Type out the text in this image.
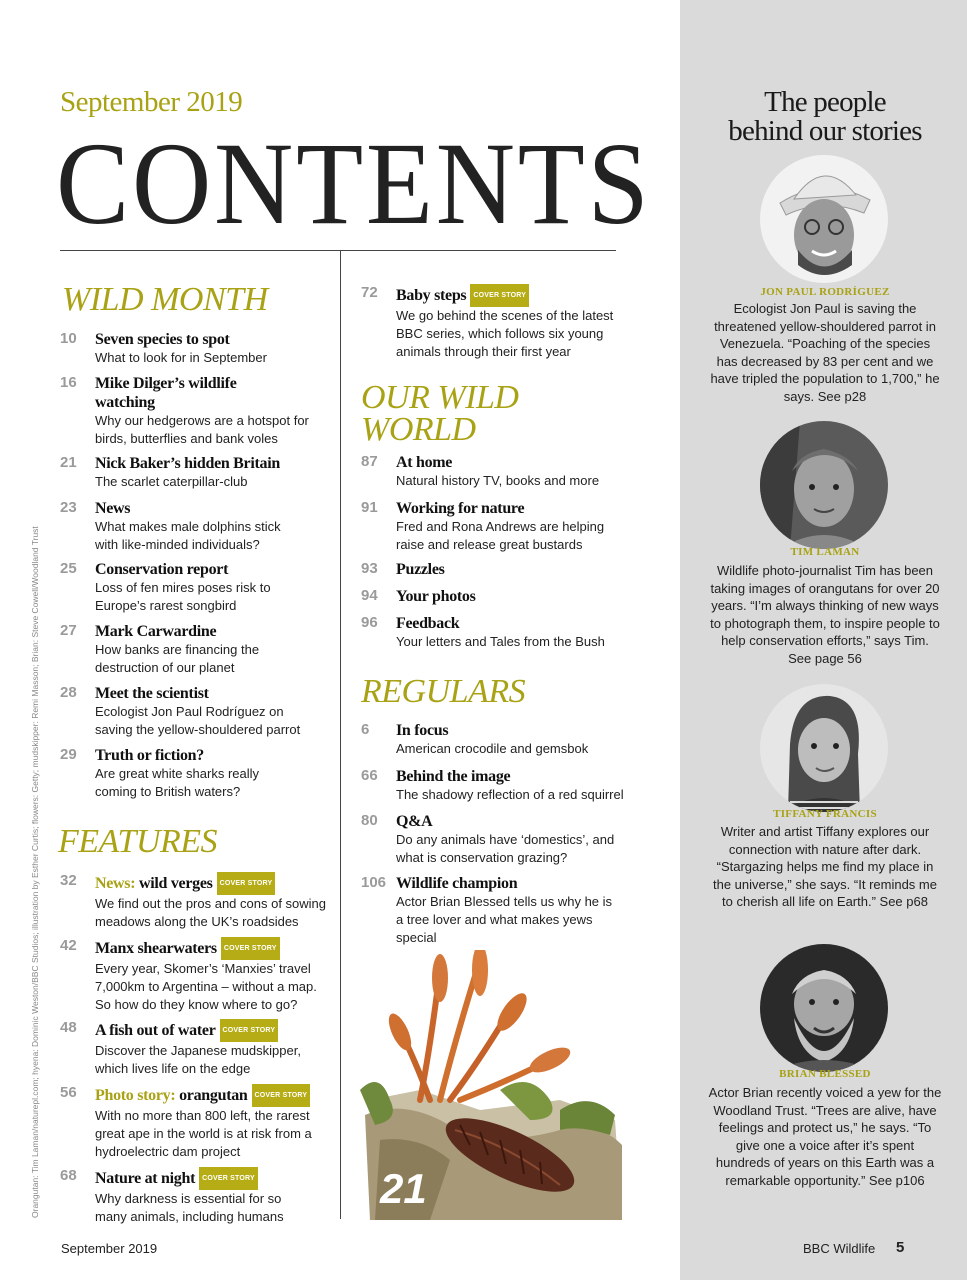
September 2019
CONTENTS
WILD MONTH
10	Seven species to spot
What to look for in September
16	Mike Dilger’s wildlife watching
Why our hedgerows are a hotspot for birds, butterflies and bank voles
21	Nick Baker’s hidden Britain
The scarlet caterpillar-club
23	News
What makes male dolphins stick with like-minded individuals?
25	Conservation report
Loss of fen mires poses risk to Europe’s rarest songbird
27	Mark Carwardine
How banks are financing the destruction of our planet
28	Meet the scientist
Ecologist Jon Paul Rodríguez on saving the yellow-shouldered parrot
29	Truth or fiction?
Are great white sharks really coming to British waters?
FEATURES
32	News: wild verges COVER STORY
We find out the pros and cons of sowing meadows along the UK’s roadsides
42	Manx shearwaters COVER STORY
Every year, Skomer’s ‘Manxies’ travel 7,000km to Argentina – without a map. So how do they know where to go?
48	A fish out of water COVER STORY
Discover the Japanese mudskipper, which lives life on the edge
56	Photo story: orangutan COVER STORY
With no more than 800 left, the rarest great ape in the world is at risk from a hydroelectric dam project
68	Nature at night COVER STORY
Why darkness is essential for so many animals, including humans
72	Baby steps COVER STORY
We go behind the scenes of the latest BBC series, which follows six young animals through their first year
OUR WILD
WORLD
87	At home
Natural history TV, books and more
91	Working for nature
Fred and Rona Andrews are helping raise and release great bustards
93	Puzzles
94	Your photos
96	Feedback
Your letters and Tales from the Bush
REGULARS
6	In focus
American crocodile and gemsbok
66	Behind the image
The shadowy reflection of a red squirrel
80	Q&A
Do any animals have ‘domestics’, and what is conservation grazing?
106 Wildlife champion
Actor Brian Blessed tells us why he is a tree lover and what makes yews special
21
Orangutan: Tim Laman/naturepl.com; hyena: Dominic Weston/BBC Studios; illustration by Esther Curtis; flowers: Getty; mudskipper: Remi Masson; Brian: Steve Cowell/Woodland Trust
The people
behind our stories
JON PAUL RODRÍGUEZ
Ecologist Jon Paul is saving the threatened yellow-shouldered parrot in Venezuela. “Poaching of the species has decreased by 83 per cent and we have tripled the population to 1,700,” he says. See p28
TIM LAMAN
Wildlife photo-journalist Tim has been taking images of orangutans for over 20 years. “I’m always thinking of new ways to photograph them, to inspire people to help conservation efforts,” says Tim. See page 56
TIFFANY FRANCIS
Writer and artist Tiffany explores our connection with nature after dark. “Stargazing helps me find my place in the universe,” she says. “It reminds me to cherish all life on Earth.” See p68
BRIAN BLESSED
Actor Brian recently voiced a yew for the Woodland Trust. “Trees are alive, have feelings and protect us,” he says. “To give one a voice after it’s spent hundreds of years on this Earth was a remarkable opportunity.” See p106
September 2019	BBC Wildlife 5
